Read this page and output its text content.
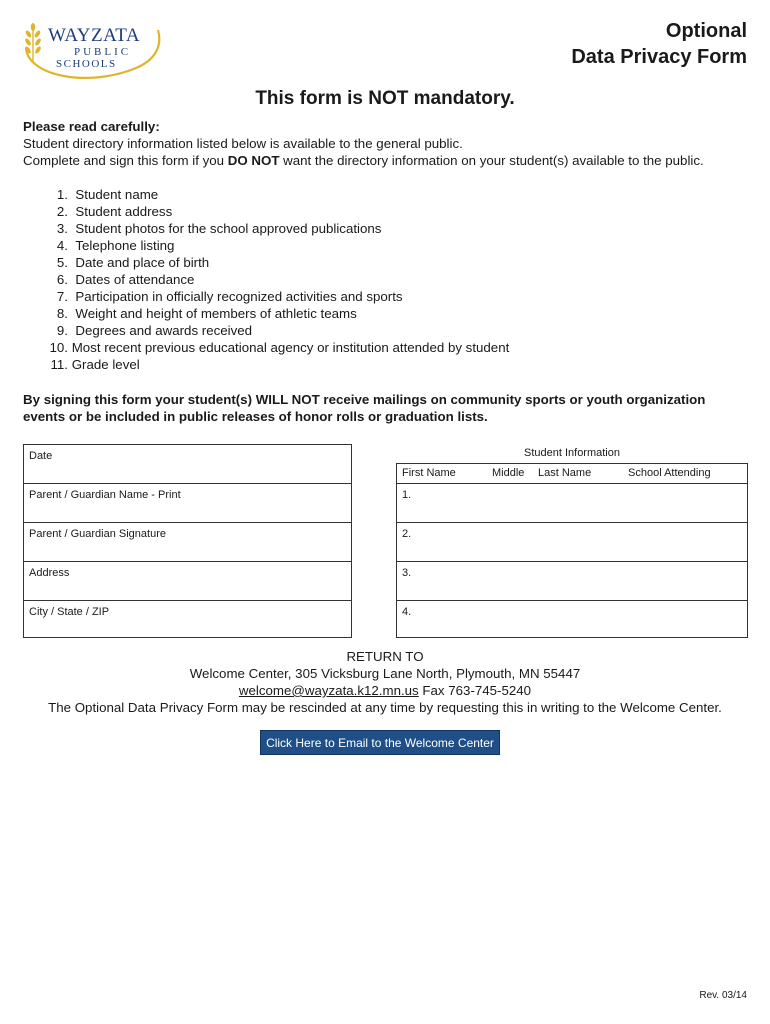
WAYZATA
PUBLIC
SCHOOLS
Optional
Data Privacy Form
This form is NOT mandatory.
Please read carefully:
Student directory information listed below is available to the general public.
Complete and sign this form if you DO NOT want the directory information on your student(s) available to the public.
1.
Student name
2.
Student address
3.
Student photos for the school approved publications
4.
Telephone listing
5.
Date and place of birth
6.
Dates of attendance
7.
Participation in officially recognized activities and sports
8.
Weight and height of members of athletic teams
9.
Degrees and awards received
10.
Most recent previous educational agency or institution attended by student
11.
Grade level
By signing this form your student(s) WILL NOT receive mailings on community sports or youth organization events or be included in public releases of honor rolls or graduation lists.
Date
Parent / Guardian Name - Print
Parent / Guardian Signature
Address
City / State / ZIP
Student Information
First Name	Middle Last Name	School Attending
1.
2.
3.
4.
RETURN TO
Welcome Center, 305 Vicksburg Lane North, Plymouth, MN 55447
welcome@wayzata.k12.mn.us Fax 763-745-5240
The Optional Data Privacy Form may be rescinded at any time by requesting this in writing to the Welcome Center.
Click Here to Email to the Welcome Center
Rev. 03/14
